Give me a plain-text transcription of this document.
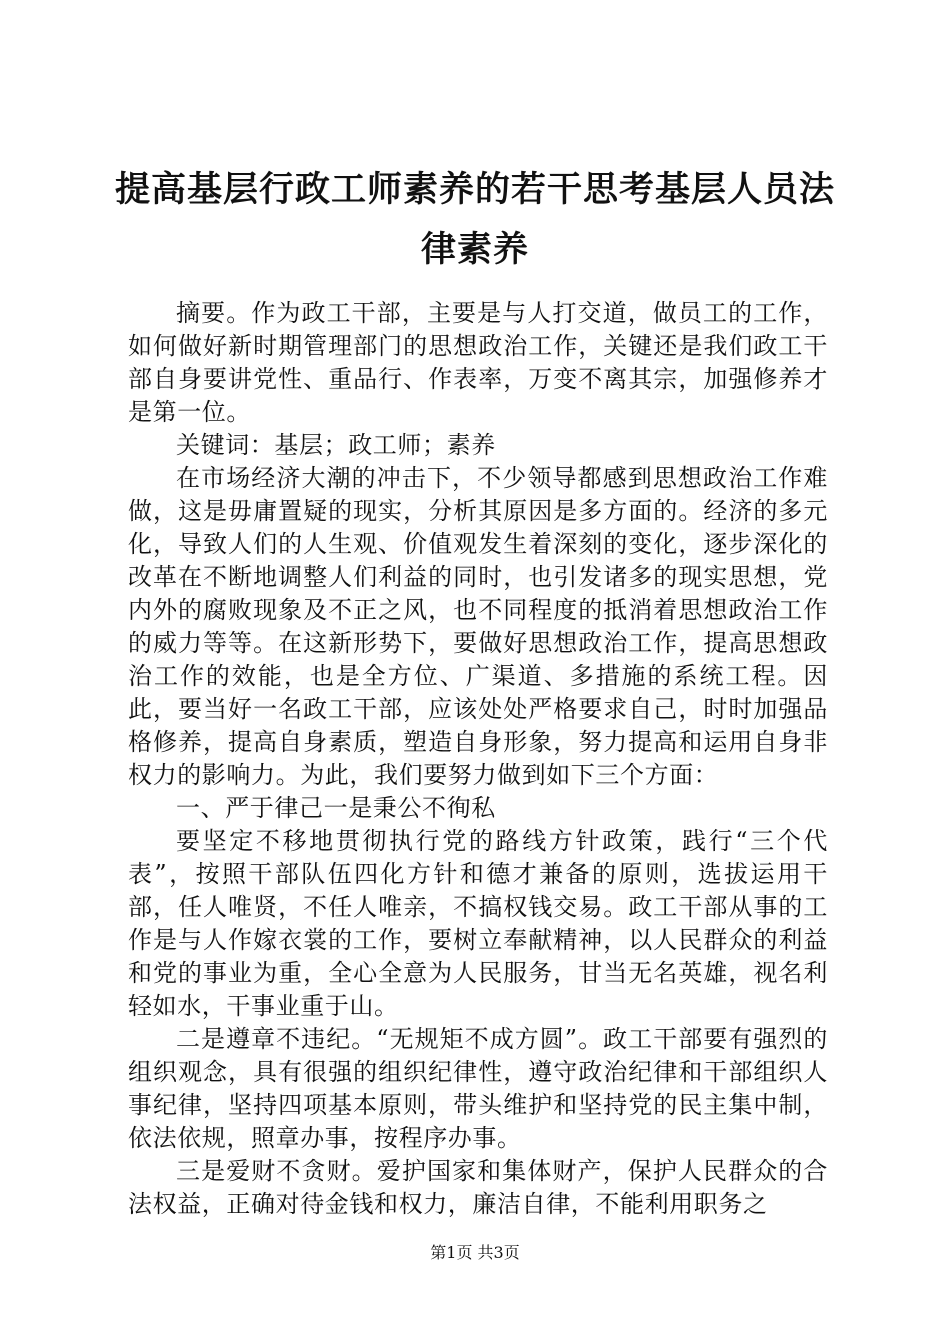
提高基层行政工师素养的若干思考基层人员法律素养

摘要。作为政工干部，主要是与人打交道，做员工的工作，如何做好新时期管理部门的思想政治工作，关键还是我们政工干部自身要讲党性、重品行、作表率，万变不离其宗，加强修养才是第一位。

关键词：基层；政工师；素养

在市场经济大潮的冲击下，不少领导都感到思想政治工作难做，这是毋庸置疑的现实，分析其原因是多方面的。经济的多元化，导致人们的人生观、价值观发生着深刻的变化，逐步深化的改革在不断地调整人们利益的同时，也引发诸多的现实思想，党内外的腐败现象及不正之风，也不同程度的抵消着思想政治工作的威力等等。在这新形势下，要做好思想政治工作，提高思想政治工作的效能，也是全方位、广渠道、多措施的系统工程。因此，要当好一名政工干部，应该处处严格要求自己，时时加强品格修养，提高自身素质，塑造自身形象，努力提高和运用自身非权力的影响力。为此，我们要努力做到如下三个方面：

一、严于律己一是秉公不徇私

要坚定不移地贯彻执行党的路线方针政策，践行“三个代表”，按照干部队伍四化方针和德才兼备的原则，选拔运用干部，任人唯贤，不任人唯亲，不搞权钱交易。政工干部从事的工作是与人作嫁衣裳的工作，要树立奉献精神，以人民群众的利益和党的事业为重，全心全意为人民服务，甘当无名英雄，视名利轻如水，干事业重于山。

二是遵章不违纪。“无规矩不成方圆”。政工干部要有强烈的组织观念，具有很强的组织纪律性，遵守政治纪律和干部组织人事纪律，坚持四项基本原则，带头维护和坚持党的民主集中制，依法依规，照章办事，按程序办事。

三是爱财不贪财。爱护国家和集体财产，保护人民群众的合法权益，正确对待金钱和权力，廉洁自律，不能利用职务之

第1页 共3页
